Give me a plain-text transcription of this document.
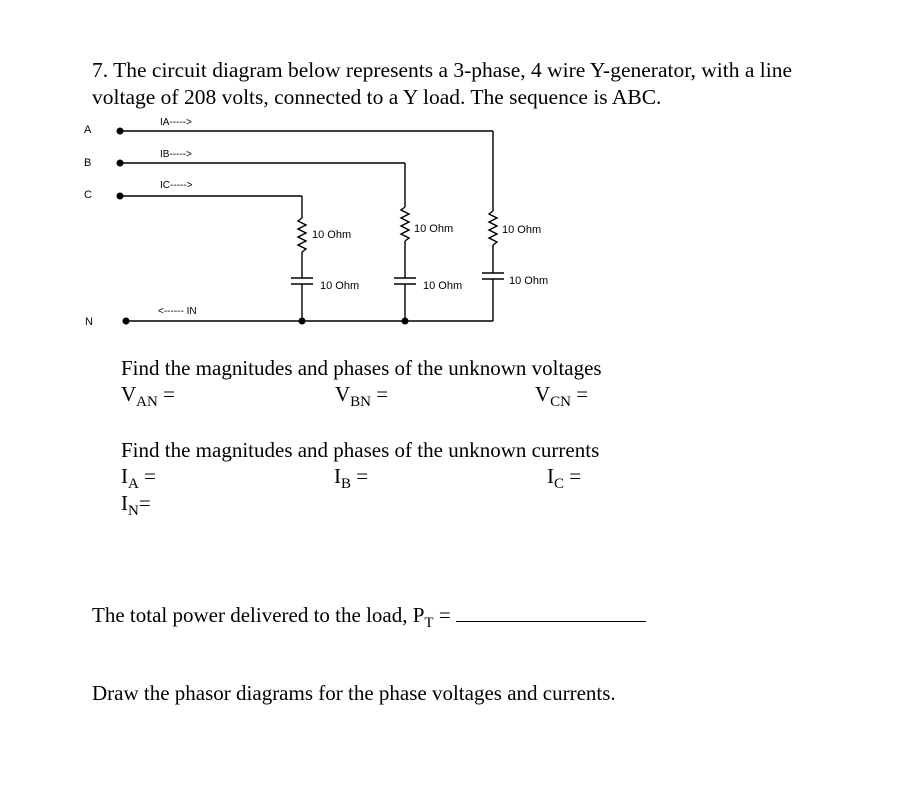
7. The circuit diagram below represents a 3-phase, 4 wire Y-generator, with a line
voltage of 208 volts, connected to a Y load. The sequence is ABC.
A
B
C
N
IA----->
IB----->
IC----->
<------ IN
10 Ohm	10 Ohm	10 Ohm
10 Ohm	10 Ohm	10 Ohm
Find the magnitudes and phases of the unknown voltages
$V_{AN}$ =	$V_{BN}$ =	$V_{CN}$ =
Find the magnitudes and phases of the unknown currents
$I_A$ =	$I_B$ =	$I_C$ =
$I_N=$
The total power delivered to the load, $P_T$ =
Draw the phasor diagrams for the phase voltages and currents.
